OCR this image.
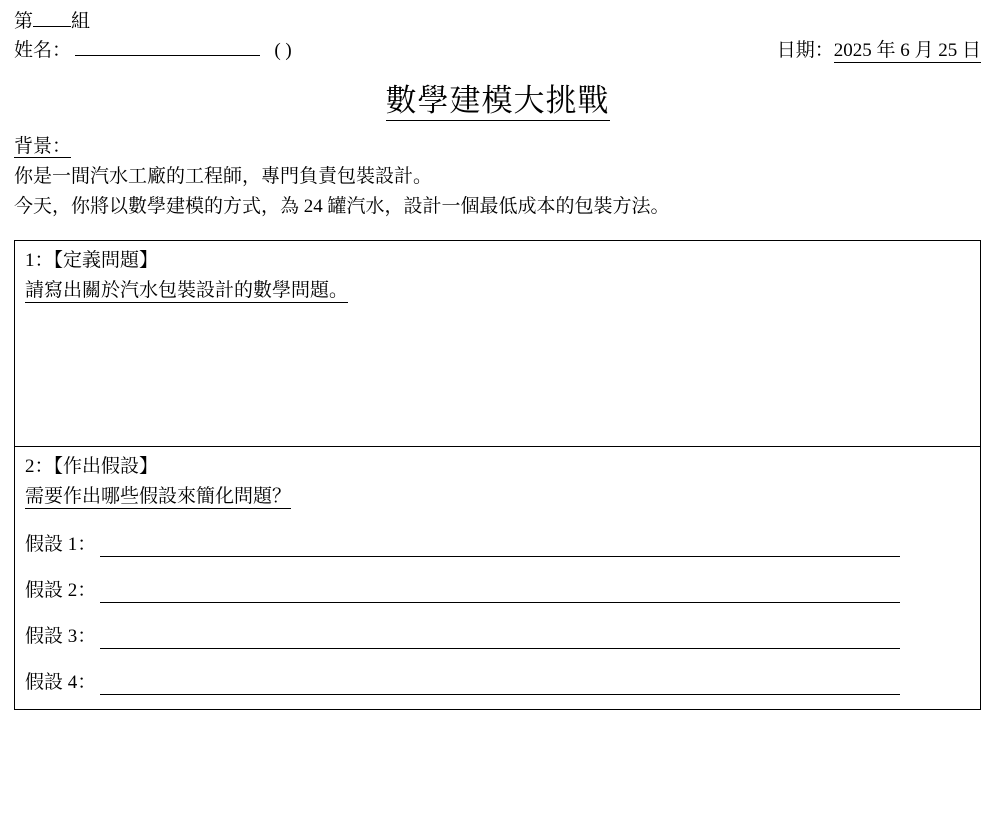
第 組
姓名：	( )	日期：2025 年 6 月 25 日
數學建模大挑戰
背景：
你是一間汽水工廠的工程師，專門負責包裝設計。
今天，你將以數學建模的方式，為 24 罐汽水，設計一個最低成本的包裝方法。
1：【定義問題】
請寫出關於汽水包裝設計的數學問題。
2：【作出假設】
需要作出哪些假設來簡化問題？
假設 1：
假設 2：
假設 3：
假設 4：
